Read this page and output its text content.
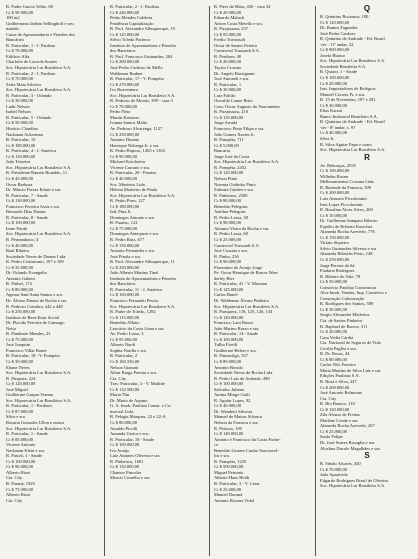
R. Padre Garcia Velho, 60
Cr $ 58.000,00
100 m2
Guilhermina Jardim Sellinghoff e seu
marido
Caixa de Aposentadoria e Pensões dos
Bancários
R. Particular, 1 - J. Paulista
Cr $ 78.000,00
Edifício Alfa
Charlotte de Lacerda Soares
Soc. Hipotecária Lar Brasileiro S.A.
R. Particular, 2 - J. Paulista
Cr $ 70.000,00
Zelra Maia Silveira
Soc. Hipotecária Lar Brasileiro S.A.
R. Particular, 3 - Orlando
Cr $ 30.000,00
Ladir Nelson
Isabel Nelson
R. Particular, 5 - Orlando
Cr $ 50.000,00
Horácio Claudino
Nachman Ackerman
R. Particular, 10
Cr $ 180.000,00
R. Particular, 4 - J. America
Cr $ 150.000,00
João Teixeira
Soc. Hipotecária Lar Brasileiro S.A.
R. Presidente Ramón Brandão, 11
Cr $ 45.000,00
Oscar Barbosa
Dr. Márcio Ferraz Erhart e sra.
R. Particular, 7 - Saude
Cr $ 130.000,00
Francisco Ferreira Assis e sra.
Bernardo Dias Dantas
R. Particular, 8 - Saude
Cr $ 100.000,00
Irene Purdá
Soc. Hipotecária Lar Brasileiro S.A.
R. Pernambuco, 4
Cr $ 40.000,00
Raul Ribeiro
Sociedade Neves de Dantas Ltda.
R. Pedro Crisóstomo, 107 e 109
Cr $ 35.000,00
Dr. Orlando Evangelia
Antonio Gabeni
R. Pinhal, 174
Cr $ 80.000,00
Agenor Sant'Anna Santos e sra.
Dr. Álvaro Duarte de Rocha e sra.
R. Pedroso Coimbra, 442 a 448
Cr $ 250.000,00
Instituto de Bem-Estar Social
Dr. Placido Ferreira de Camargo
Netto
R. Pandiarte Mendes, 23
Cr $ 75.000,00
José Joaquim
Francisco Villar Bonet
R. Particular, 18 - V. Pompéia
Cr $ 30.000,00
Eliane Neves
Soc. Hipotecária Lar Brasileiro S.A.
R. Pirapora, 224
Cr $ 120.000,00
José Miguel
Guilherme Gaspar Vianna
Soc. Hipotecária Lar Brasileiro S.A.
R. Particular, 1 - Perdizes
Cr $ 87.000,00
Silva e sra.
Rosaria Gonzales Ulloa e outros
Soc. Hipotecária Lar Brasileiro S.A.
R. Particular, 1 - Saude
Cr $ 85.000,00
Vicente Antonio
Nachman Klein e sra.
R. Pascal, 1 - Saude
Cr $ 100.000,00
Cr $ 90.000,00
Alberto Rizzi
Cia. City
R. Paraná, 1029
Cr $ 75.000,00
Alberto Rizzi
Cia. City
R. Particular, 2 - J. Paulista
Cr $ 240.000,00
Pedro Mendes Calderia
Prudência Capitalização
R. Prof. Alexandre Albuquerque, 19
Cr $ 125.000,00
Silvio Toledo Pacheco
Instituto de Aposentadoria e Pensões
dos Bancários
R. Prof. Francisco Guimarães, 204
Cr $ 200.000,00
José Pedro Cardoso de Mello
Waldemar Rudner
R. Particular, 17 - V. Pompéia
Cr $ 270.000,00
Ivo Boaventura
Soc. Hipotecária Lar Brasileiro S.A.
R. Pedroso de Morais, 399 - casa 3
Cr $ 70.000,00
Pedro Neto
Martin Kreutzer
Ivanna Santos Malta
Av. Pedroso Alvarenga, 1127
Cr $ 250.000,00
Antonio Donato
Henrique Nóbrega Jr. e sra.
R. Pedro Raposo, 1265 e 1302
Cr $ 90.000,00
Michael Kotchofen
Vicente Carrano e sra.
R. Particular, 20 - Paraíso
Cr $ 40.000,00
Soc. Minérios Ltda.
Helena Monteiro de Paula
Soc. Hipotecária Lar Brasileiro S.A.
R. Pedro Pires, 127
Cr $ 180.000,00
Ind. Pina Jr.
Domingos Antonio e sra.
R. Paraíso, 122
Cr $ 75.000,00
Domingos Antequera e sra.
R. Pedro Ruiz, 677
Cr $ 150.000,00
Antonio Fernandes e sra.
José Pinola e sra.
R. Prof. Alexandre Albuquerque, 11
Cr $ 250.000,00
João Alberto Martins Tinel
Instituto de Aposentadoria e Pensões
dos Bancários
R. Particular, 11 - J. América
Cr $ 160.000,00
Francisco Fernando Pescio
Soc. Hipotecária Lar Brasileiro S.A.
R. Padre de Toledo, 1292
Cr $ 115.000,00
Benedito Albino
Leocácio da Costa Lima e sra.
Av. Pedro Lessa, 3
Cr $ 95.000,00
Alberto Nardi
Sophia Narilla e sra.
R. Particular, 2
Cr $ 160.330,00
Nelson Gianoni
Altair Braga Pereira e sra.
Cia. City
Trav. Particular, 3 - V. Matilde
Cr $ 132.500,00
Maria Tlin
Dr. Mario de Aquino
G. A. Imob. Paulista Constr. e Co-
mercial Ltda.
R. Pelegia Marques, 22 e 22-A
Cr $ 80.000,00
Amaldo Picolli
Amanda Urzica e sra.
R. Particular, 18 - Saude
Cr $ 100.000,00
Ivo Araújo
Luiz Antunes Oliveira e sra.
R. Pinheiros, 1681
Cr $ 150.000,00
Chansor Pincolar
Moacir Cornélio e sra.
R. Pires da Mota, 436 - casa 32
Cr $ 20.000,00
Eduardo Maluck
Aírton Costa Metello e sra.
R. Pirajussara, 237
Cr $ 95.000,00
Fredio Travassoli
Oscar de Santos Pereira
Comercial Truasardi S.A.
R. Perdizes, 40
Cr $ 20.000,00
Taysto Cruzato
Dr. Angelo Bassignani
José Antoneli e sra.
R. Particular, 1
Cr $ 30.000,00
Luiz Falcão
Oswaldo Laune Brito
Com. Oscar Augusto do Nascimento
R. Pirajussara, 210
Cr $ 135.000,00
Jorge Arruda
Francisco Pinto Filipa e sra.
João Gomes Xavier Jr.
R. Pompéia, 711
Cr $ 5.000,00
Bancaria
Jorge José da Costa
Soc. Hipotecária Lar Brasileiro S.A.
R. Pompéia, 2452
Cr $ 120.000,00
Nelson Pinto
Noemia Godinho Pinto
Zulmira Guedes e sra.
R. Pinheiros, 2500
Cr $ 80.000,00
Benedito Pelegrini
Adelina Pelegrini
R. Pedro Lessa, 38
Cr $ 90.000,00
Abramo Vieira da Rocha e sra.
R. Pedro Lessa, 60
Cr $ 25.000,00
Comercial Trussardi S.A.
José Cruzato e sra.
R. Pinho, 236
Cr $ 90.000,00
Florentino de Araújo Jorge
Pe. Oscar Henrique de Barros Wan-
derley Bier
R. Particular, 41 - V. Mariana
Cr $ 145.000,00
Carlos Bunel
Dr. Waldemar Álvaro Pinheiro
Soc. Hipotecária Lar Brasileiro S.A.
R. Pariquera, 118, 125, 126, 134
Cr $ 120.000,00
Francisco Lara Russo
João Marino Russo e sra.
R. Particular, 14 - Saude
Cr $ 100.000,00
Tullio Fiorili
Guilherme Helser e sra.
R. Pintassilgo, 357
Cr $ 89.000,00
Antonio Bicudo
Sociedade Neves de Rocha Ltda.
R. Pedro Luis de Andrade, 490
Cr $ 100.000,00
Salvador Juliano
Amina Mingo Guili
R. Aguiar Lopes, 92
Cr $ 40.000,00
Dr. Wambert Silveira
Manuel de Mattos Silveira
Nelson da Fonseca e sra.
R. Peixoto, 195
Cr $ 140.000,00
Antonio e Francisco da Costa Pache-
co
Benedito Linares Cunha Vasconcel-
los e sra.
R. Pompéia, 1235
Cr $ 500.000,00
Miguel Petronio
Alberto Hans Heidt
R. Particular, 3 - V. Cesar
Cr $ 25.000,00
Manoel Durand
Antonio Rosena Vidal
Q
R. Quintino Bocaiuva, 180
Cr $ 120.000,00
Dr. Ramos Fagundes
José Pedro Cardoso
R. Quintino de Andrade - Ed. Brasil
-ter - 11º andar, 22
Cr $ 900.000,00
Josefa Blanco
Soc. Hipotecária Lar Brasileiro S.A.
Sociedade Brasileira S.A.
R. Quatro, 1 - Saude
Cr $ 100.000,00
Cr $ 20.000,00
Inst. Importadores de Relógios
Manuel Correia Pr. e sra.
R. 15 de Novembro, 187 e 281
Cr $ 40.000,00
Elias Karzat
Banco Industrial Brasileiro S.A.
R. Quintino de Andrade - Ed. Brasil
-ter - 8º andar, s. 97
Cr $ 40.000,00
Silva Jr.
R. Silva Aguiar Papo e outro
Soc. Hipotecária Lar Brasileiro S.A.
R
Av. Rebouças, 2935
Cr $ 100.000,00
Wilhelm Rosen
Melhoramentos Corsana Ltda.
R. Rezende da Fonseca, 309
Cr $ 200.000,00
Luiz Antonio Piccolomini
Ines Lopes Piccolomini
R. Rosalina Alves Alves, 260
Cr $ 10.000,00
Dr. Guilherme Sampaio Ribeiro
Espólio de Roberto Kutschat
Alameda Rocha Azevedo, 776
Cr $ 150.000,00
Viriato Siqueira
Silvio Guimarães Silveira e sra.
Alameda Ribeirão Preto, 148
Cr $ 250.000,00
Jorge Pereira da Sá
Fiadaria Rodrigues
R. Ribeiro do Vale, 78
Cr $ 50.000,00
Consórcio Paulista Construtora
Alca Imob. Vendas, Imp. Comércio e
Construção Colonização
R. Rodrigues dos Santos, 589
Cr $ 30.000,00
Sergio Alexandre Medeiros
Cia. de Santos Pinheiro
R. Raphael de Barros, 311
Cr $ 20.000,00
Casa Vedia Cárdia
Cia. Nacional de Seguros de Vida
Cecília Paglisi e sra.
R. Dr. Rosas, 44
Cr $ 80.000,00
Carlos Nils Ferreira
Maria Martins de Silva Lins e sra.
Edições Paulinas S.A.
R. Rosa e Silva, 247
Cr $ 200.000,00
José Antonio Belmonte
Cia. City
R. Rio Branco, 110
Cr $ 120.000,00
Zila Alonso de Freitas
Marlene Conde e sra.
Alameda Rocha Azevedo, 267
Cr $ 25.000,00
Saulo Felipe
Dr. José Soares Rosaglia e sra.
Alcalina Ducole Magalhães e sra.
S
R. Simão Alvares, 430
Cr $ 70.000,00
João Aparecido
Edgardo Rodrigues Brasil de Oliveira
Soc. Hipotecária Lar Brasileiro S.A.
